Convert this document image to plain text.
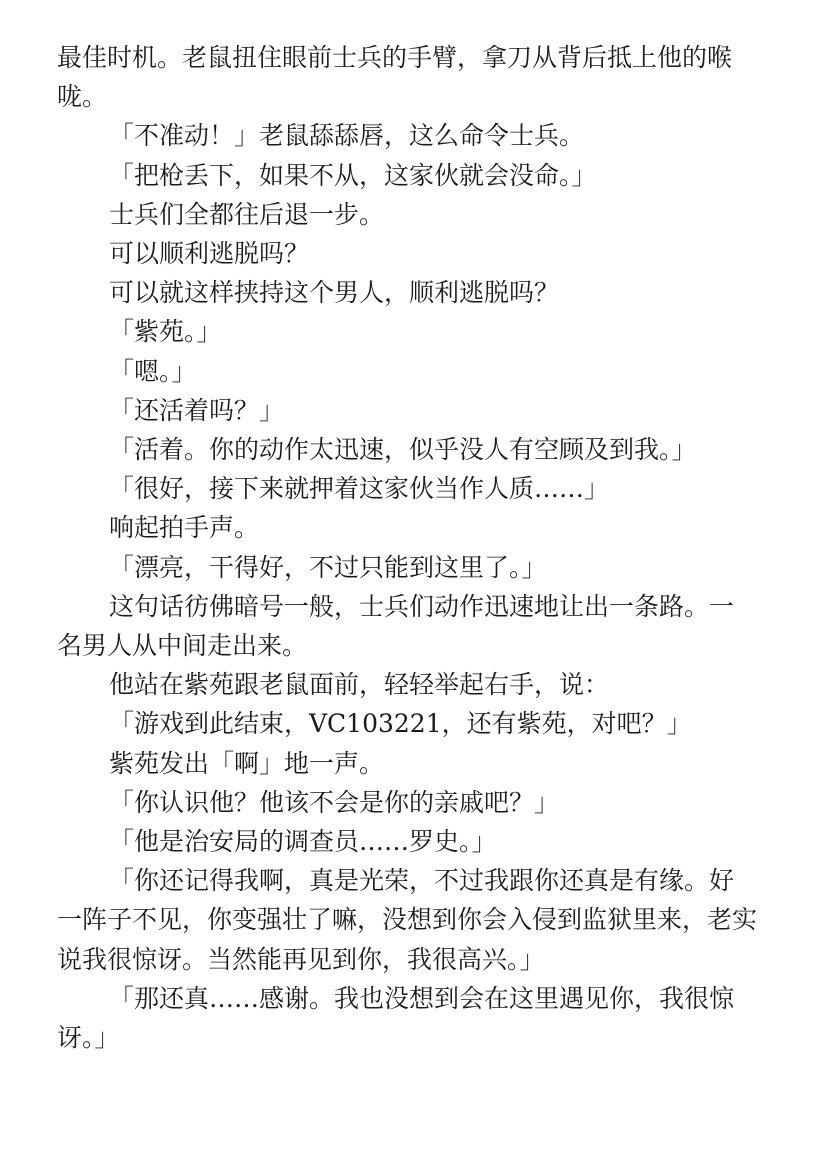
最佳时机。老鼠扭住眼前士兵的手臂，拿刀从背后抵上他的喉咙。

「不准动！」老鼠舔舔唇，这么命令士兵。

「把枪丢下，如果不从，这家伙就会没命。」

士兵们全都往后退一步。

可以顺利逃脱吗？

可以就这样挟持这个男人，顺利逃脱吗？

「紫苑。」

「嗯。」

「还活着吗？」

「活着。你的动作太迅速，似乎没人有空顾及到我。」

「很好，接下来就押着这家伙当作人质……」

响起拍手声。

「漂亮，干得好，不过只能到这里了。」

这句话彷佛暗号一般，士兵们动作迅速地让出一条路。一名男人从中间走出来。

他站在紫苑跟老鼠面前，轻轻举起右手，说：

「游戏到此结束，VC103221，还有紫苑，对吧？」

紫苑发出「啊」地一声。

「你认识他？他该不会是你的亲戚吧？」

「他是治安局的调查员……罗史。」

「你还记得我啊，真是光荣，不过我跟你还真是有缘。好一阵子不见，你变强壮了嘛，没想到你会入侵到监狱里来，老实说我很惊讶。当然能再见到你，我很高兴。」

「那还真……感谢。我也没想到会在这里遇见你，我很惊讶。」
